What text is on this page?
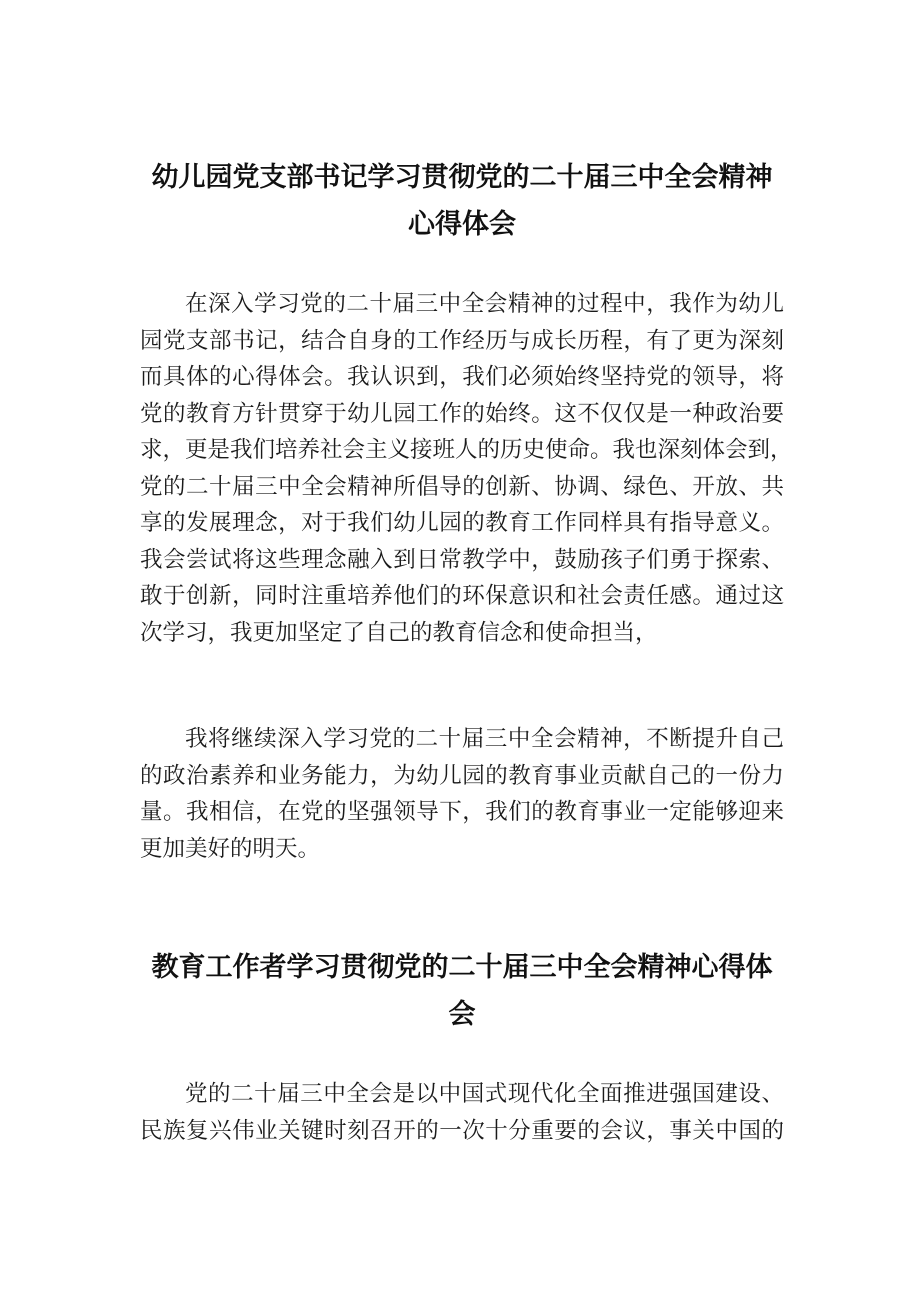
幼儿园党支部书记学习贯彻党的二十届三中全会精神
心得体会
在深入学习党的二十届三中全会精神的过程中，我作为幼儿
园党支部书记，结合自身的工作经历与成长历程，有了更为深刻
而具体的心得体会。我认识到，我们必须始终坚持党的领导，将
党的教育方针贯穿于幼儿园工作的始终。这不仅仅是一种政治要
求，更是我们培养社会主义接班人的历史使命。我也深刻体会到，
党的二十届三中全会精神所倡导的创新、协调、绿色、开放、共
享的发展理念，对于我们幼儿园的教育工作同样具有指导意义。
我会尝试将这些理念融入到日常教学中，鼓励孩子们勇于探索、
敢于创新，同时注重培养他们的环保意识和社会责任感。通过这
次学习，我更加坚定了自己的教育信念和使命担当，
我将继续深入学习党的二十届三中全会精神，不断提升自己
的政治素养和业务能力，为幼儿园的教育事业贡献自己的一份力
量。我相信，在党的坚强领导下，我们的教育事业一定能够迎来
更加美好的明天。
教育工作者学习贯彻党的二十届三中全会精神心得体
会
党的二十届三中全会是以中国式现代化全面推进强国建设、
民族复兴伟业关键时刻召开的一次十分重要的会议，事关中国的
